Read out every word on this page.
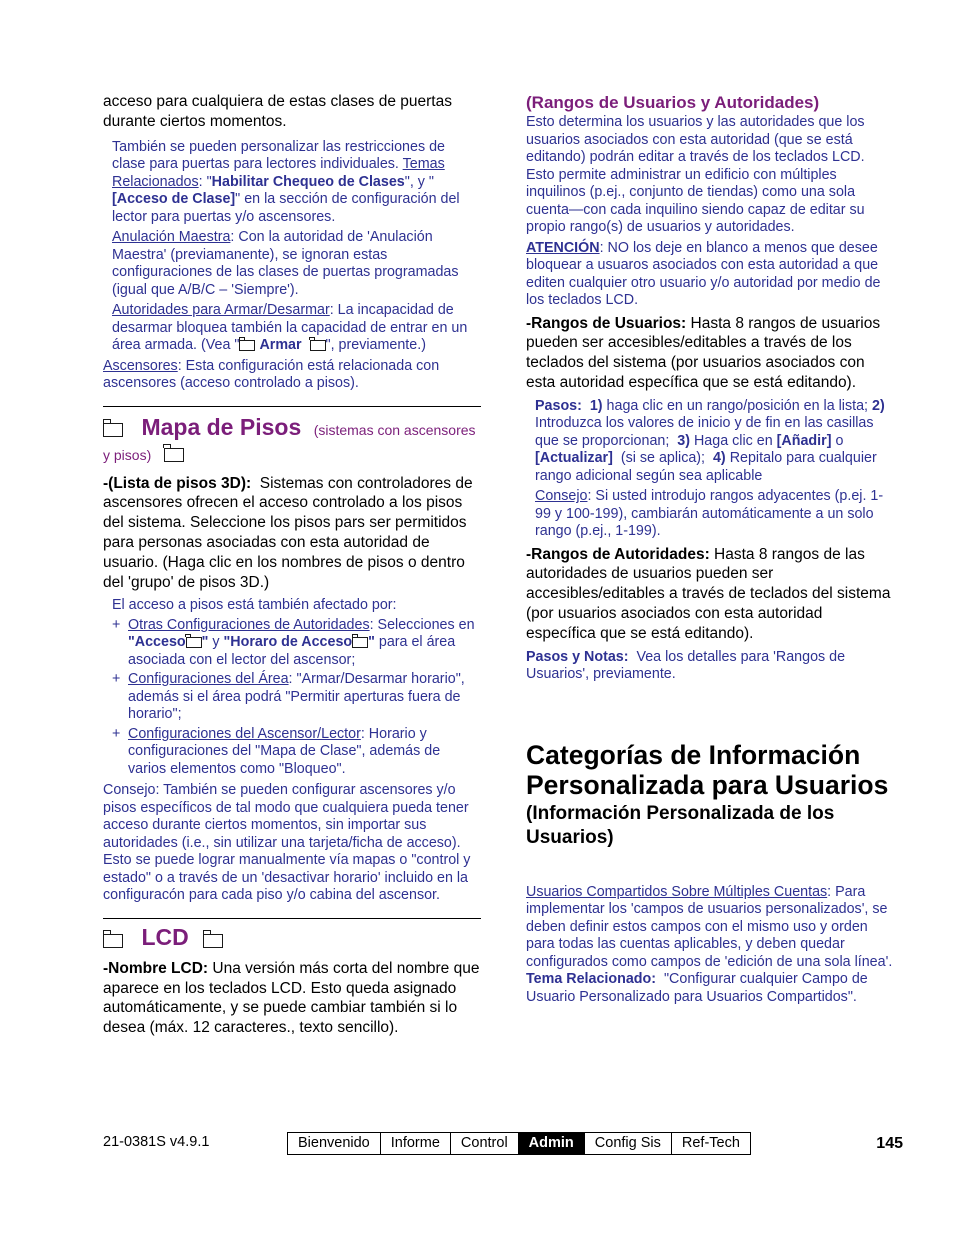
acceso para cualquiera de estas clases de puertas durante ciertos momentos.

También se pueden personalizar las restricciones de clase para puertas para lectores individuales. Temas Relacionados: "Habilitar Chequeo de Clases", y "[Acceso de Clase]" en la sección de configuración del lector para puertas y/o ascensores.

Anulación Maestra: Con la autoridad de 'Anulación Maestra' (previamanente), se ignoran estas configuraciones de las clases de puertas programadas (igual que A/B/C – 'Siempre').

Autoridades para Armar/Desarmar: La incapacidad de desarmar bloquea también la capacidad de entrar en un área armada. (Vea " Armar ", previamente.)

Ascensores: Esta configuración está relacionada con ascensores (acceso controlado a pisos).

Mapa de Pisos (sistemas con ascensores y pisos)

-(Lista de pisos 3D): Sistemas con controladores de ascensores ofrecen el acceso controlado a los pisos del sistema. Seleccione los pisos pars ser permitidos para personas asociadas con esta autoridad de usuario. (Haga clic en los nombres de pisos o dentro del 'grupo' de pisos 3D.)

El acceso a pisos está también afectado por:

+ Otras Configuraciones de Autoridades: Selecciones en "Acceso " y "Horaro de Acceso " para el área asociada con el lector del ascensor;
+ Configuraciones del Área: "Armar/Desarmar horario", además si el área podrá "Permitir aperturas fuera de horario";
+ Configuraciones del Ascensor/Lector: Horario y configuraciones del "Mapa de Clase", además de varios elementos como "Bloqueo".

Consejo: También se pueden configurar ascensores y/o pisos específicos de tal modo que cualquiera pueda tener acceso durante ciertos momentos, sin importar sus autoridades (i.e., sin utilizar una tarjeta/ficha de acceso). Esto se puede lograr manualmente vía mapas o "control y estado" o a través de un 'desactivar horario' incluido en la configuracón para cada piso y/o cabina del ascensor.

LCD

-Nombre LCD: Una versión más corta del nombre que aparece en los teclados LCD. Esto queda asignado automáticamente, y se puede cambiar también si lo desea (máx. 12 caracteres., texto sencillo).

(Rangos de Usuarios y Autoridades)

Esto determina los usuarios y las autoridades que los usuarios asociados con esta autoridad (que se está editando) podrán editar a través de los teclados LCD. Esto permite administrar un edificio con múltiples inquilinos (p.ej., conjunto de tiendas) como una sola cuenta—con cada inquilino siendo capaz de editar su propio rango(s) de usuarios y autoridades.

ATENCIÓN: NO los deje en blanco a menos que desee bloquear a usuaros asociados con esta autoridad a que editen cualquier otro usuario y/o autoridad por medio de los teclados LCD.

-Rangos de Usuarios: Hasta 8 rangos de usuarios pueden ser accesibles/editables a través de los teclados del sistema (por usuarios asociados con esta autoridad específica que se está editando).

Pasos: 1) haga clic en un rango/posición en la lista; 2) Introduzca los valores de inicio y de fin en las casillas que se proporcionan; 3) Haga clic en [Añadir] o [Actualizar] (si se aplica); 4) Repitalo para cualquier rango adicional según sea aplicable

Consejo: Si usted introdujo rangos adyacentes (p.ej. 1-99 y 100-199), cambiarán automáticamente a un solo rango (p.ej., 1-199).

-Rangos de Autoridades: Hasta 8 rangos de las autoridades de usuarios pueden ser accesibles/editables a través de teclados del sistema (por usuarios asociados con esta autoridad específica que se está editando).

Pasos y Notas: Vea los detalles para 'Rangos de Usuarios', previamente.

Categorías de Información Personalizada para Usuarios

(Información Personalizada de los Usuarios)

Usuarios Compartidos Sobre Múltiples Cuentas: Para implementar los 'campos de usuarios personalizados', se deben definir estos campos con el mismo uso y orden para todas las cuentas aplicables, y deben quedar configurados como campos de 'edición de una sola línea'.

Tema Relacionado: "Configurar cualquier Campo de Usuario Personalizado para Usuarios Compartidos".

21-0381S v4.9.1	Bienvenido	Informe	Control	Admin	Config Sis	Ref-Tech	145
